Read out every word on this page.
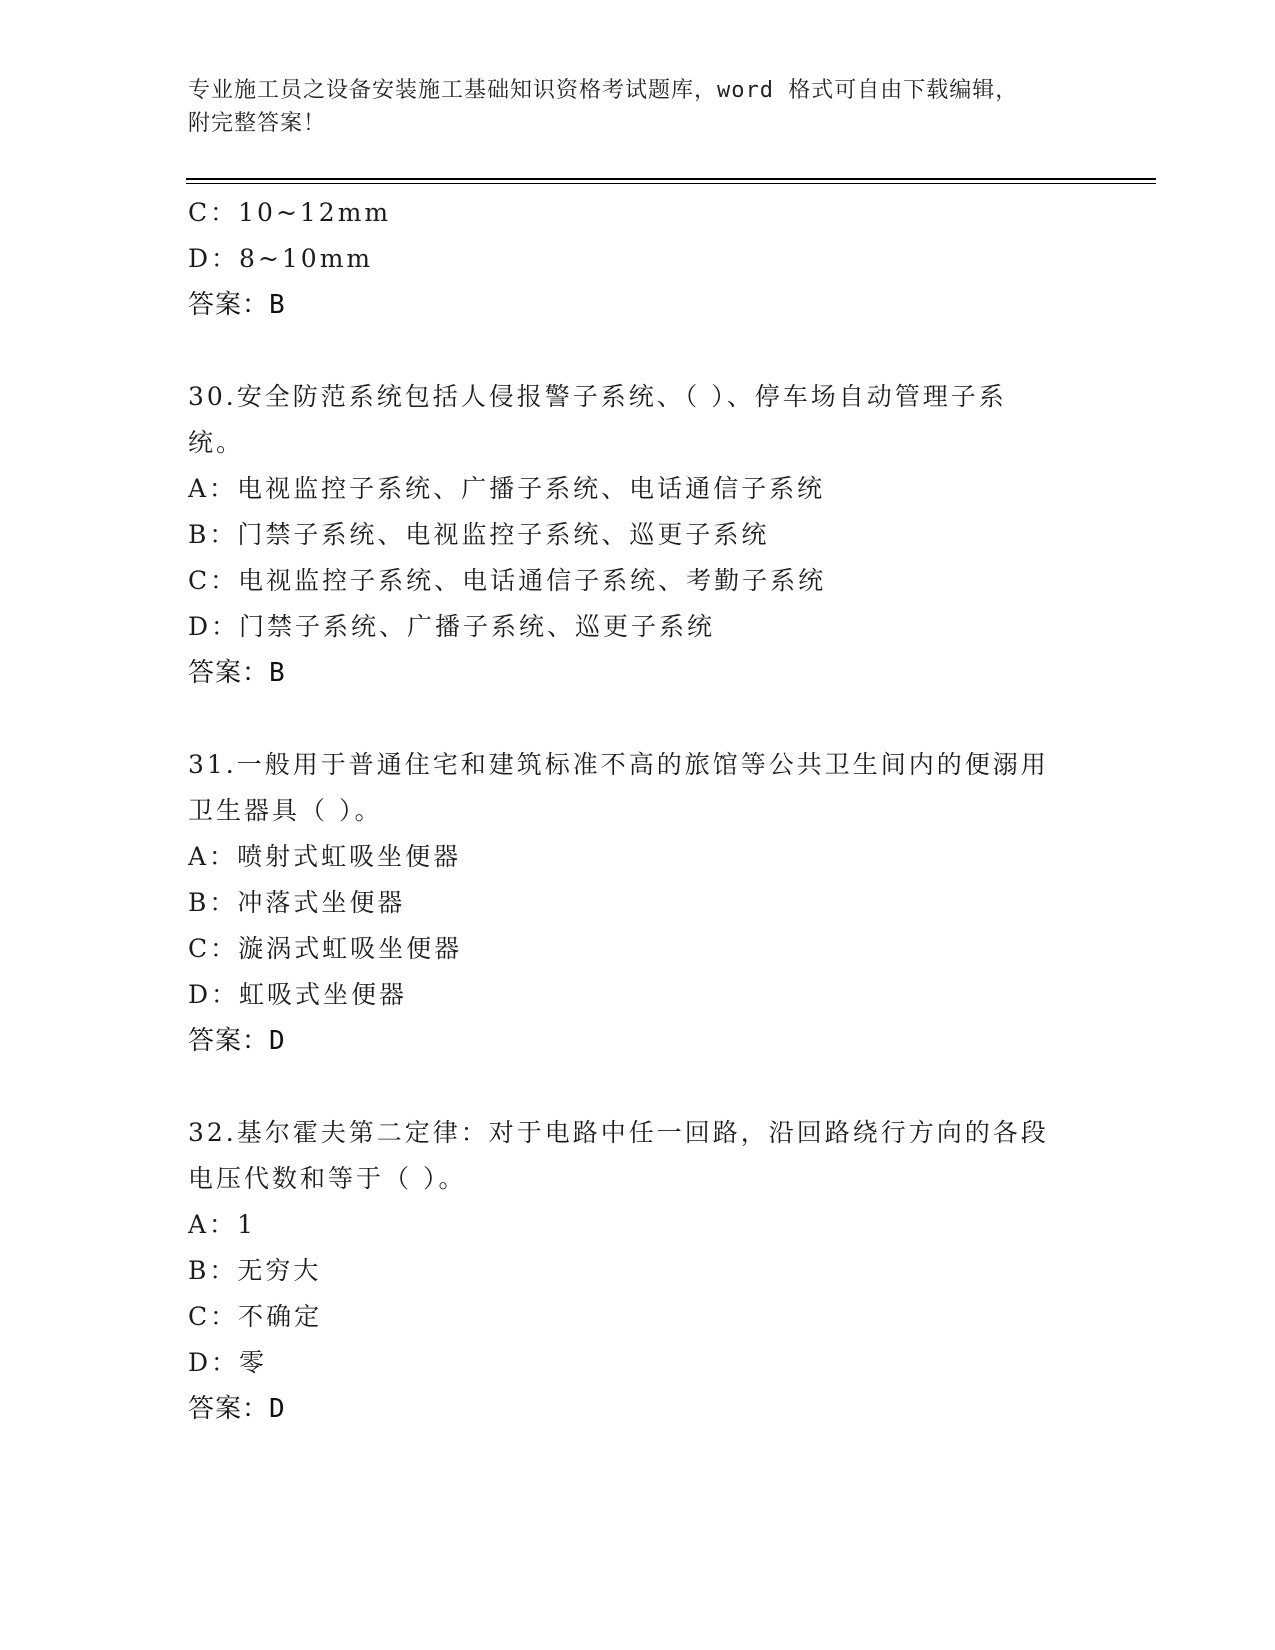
专业施工员之设备安装施工基础知识资格考试题库，word 格式可自由下载编辑，
附完整答案！
C：10~12mm
D：8~10mm
答案：B
30.安全防范系统包括人侵报警子系统、（ ）、停车场自动管理子系统。
A：电视监控子系统、广播子系统、电话通信子系统
B：门禁子系统、电视监控子系统、巡更子系统
C：电视监控子系统、电话通信子系统、考勤子系统
D：门禁子系统、广播子系统、巡更子系统
答案：B
31.一般用于普通住宅和建筑标准不高的旅馆等公共卫生间内的便溺用卫生器具（ ）。
A：喷射式虹吸坐便器
B：冲落式坐便器
C：漩涡式虹吸坐便器
D：虹吸式坐便器
答案：D
32.基尔霍夫第二定律：对于电路中任一回路，沿回路绕行方向的各段电压代数和等于（ ）。
A：1
B：无穷大
C：不确定
D：零
答案：D
